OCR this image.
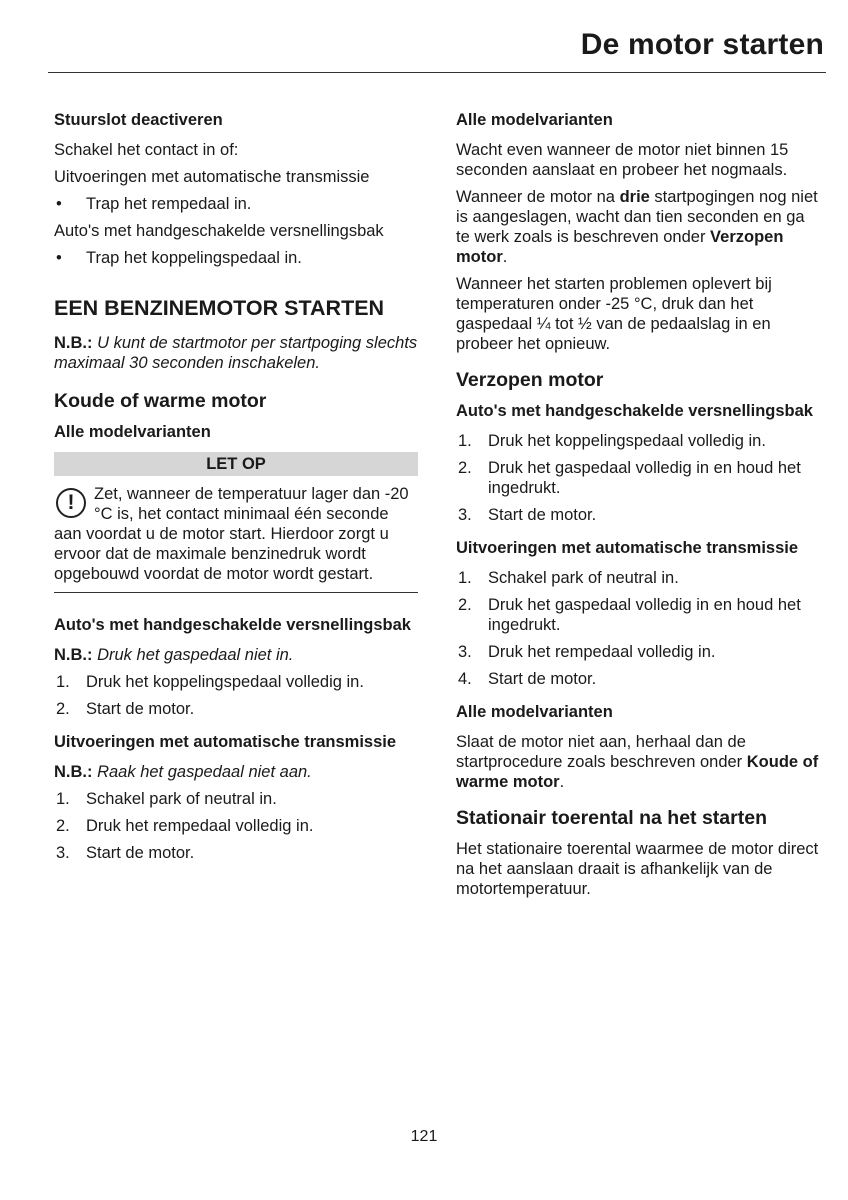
De motor starten
Stuurslot deactiveren

Schakel het contact in of:

Uitvoeringen met automatische transmissie

• Trap het rempedaal in.

Auto's met handgeschakelde versnellingsbak

• Trap het koppelingspedaal in.
EEN BENZINEMOTOR STARTEN

N.B.: U kunt de startmotor per startpoging slechts maximaal 30 seconden inschakelen.

Koude of warme motor
Alle modelvarianten
LET OP
!	Zet, wanneer de temperatuur lager dan -20 °C is, het contact minimaal één seconde aan voordat u de motor start. Hierdoor zorgt u ervoor dat de maximale benzinedruk wordt opgebouwd voordat de motor wordt gestart.
Auto's met handgeschakelde versnellingsbak

N.B.: Druk het gaspedaal niet in.

1. Druk het koppelingspedaal volledig in.
2. Start de motor.
Uitvoeringen met automatische transmissie

N.B.: Raak het gaspedaal niet aan.

1. Schakel park of neutral in.
2. Druk het rempedaal volledig in.
3. Start de motor.
Alle modelvarianten

Wacht even wanneer de motor niet binnen 15 seconden aanslaat en probeer het nogmaals.

Wanneer de motor na drie startpogingen nog niet is aangeslagen, wacht dan tien seconden en ga te werk zoals is beschreven onder Verzopen motor.

Wanneer het starten problemen oplevert bij temperaturen onder -25 °C, druk dan het gaspedaal ¼ tot ½ van de pedaalslag in en probeer het opnieuw.

Verzopen motor
Auto's met handgeschakelde versnellingsbak
1. Druk het koppelingspedaal volledig in.
2. Druk het gaspedaal volledig in en houd het ingedrukt.
3. Start de motor.
Uitvoeringen met automatische transmissie
1. Schakel park of neutral in.
2. Druk het gaspedaal volledig in en houd het ingedrukt.
3. Druk het rempedaal volledig in.
4. Start de motor.
Alle modelvarianten

Slaat de motor niet aan, herhaal dan de startprocedure zoals beschreven onder Koude of warme motor.

Stationair toerental na het starten

Het stationaire toerental waarmee de motor direct na het aanslaan draait is afhankelijk van de motortemperatuur.

121
